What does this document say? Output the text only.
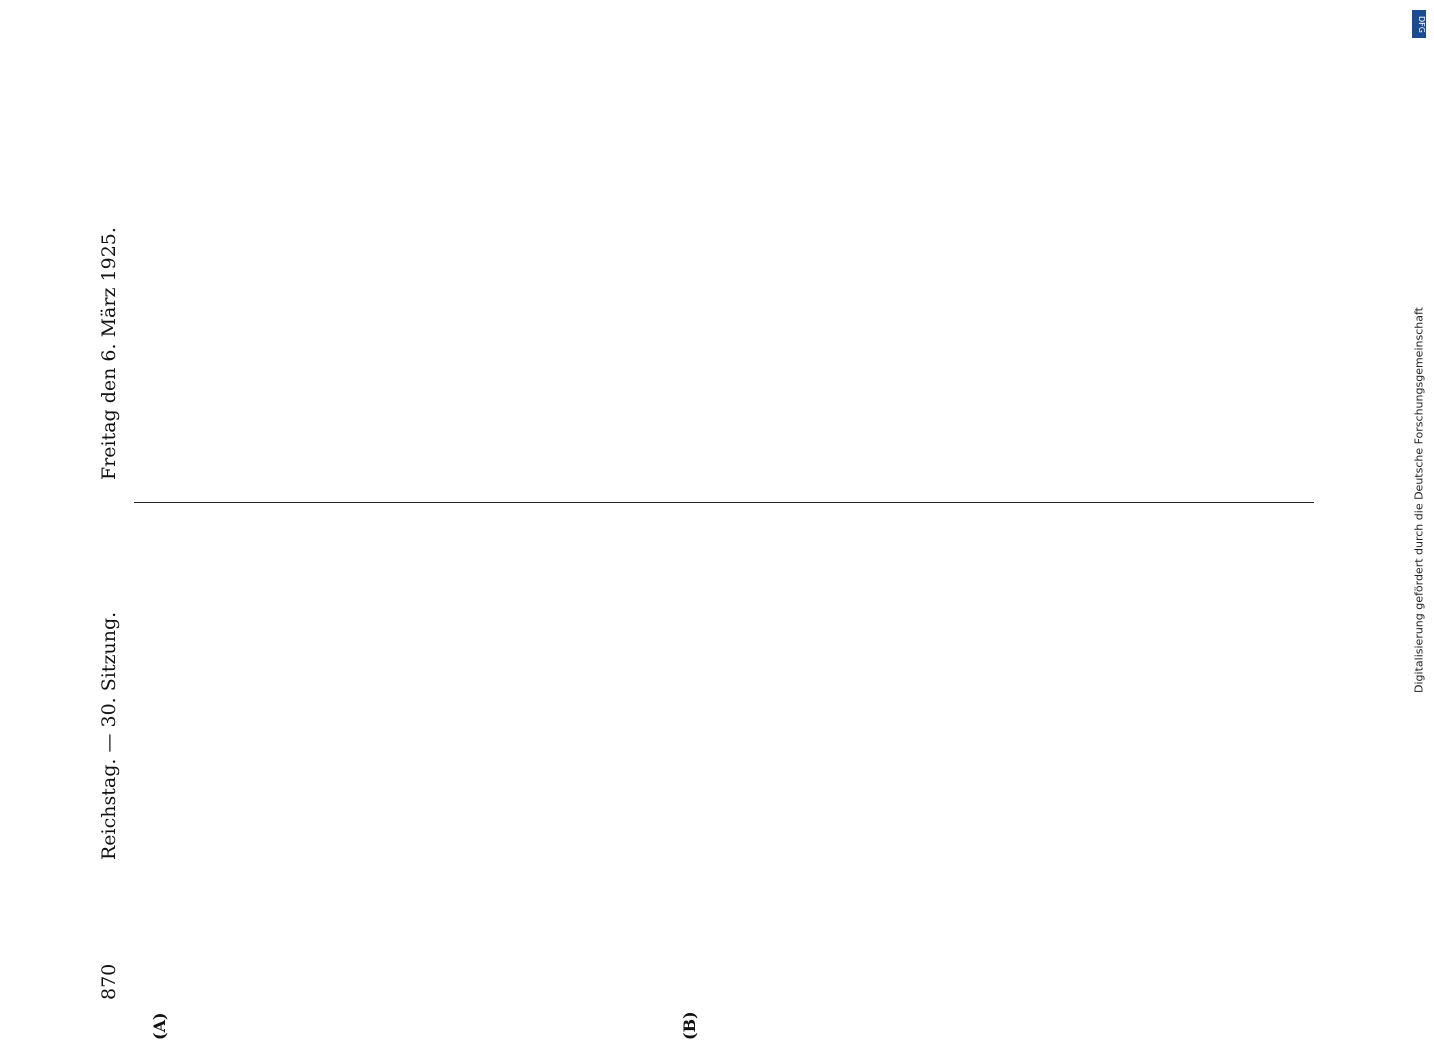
870
Reichstag. — 30. Sitzung.
Freitag den 6. März 1925.
(A)	(B)
DFG
Digitalisierung gefördert durch die Deutsche Forschungsgemeinschaft
